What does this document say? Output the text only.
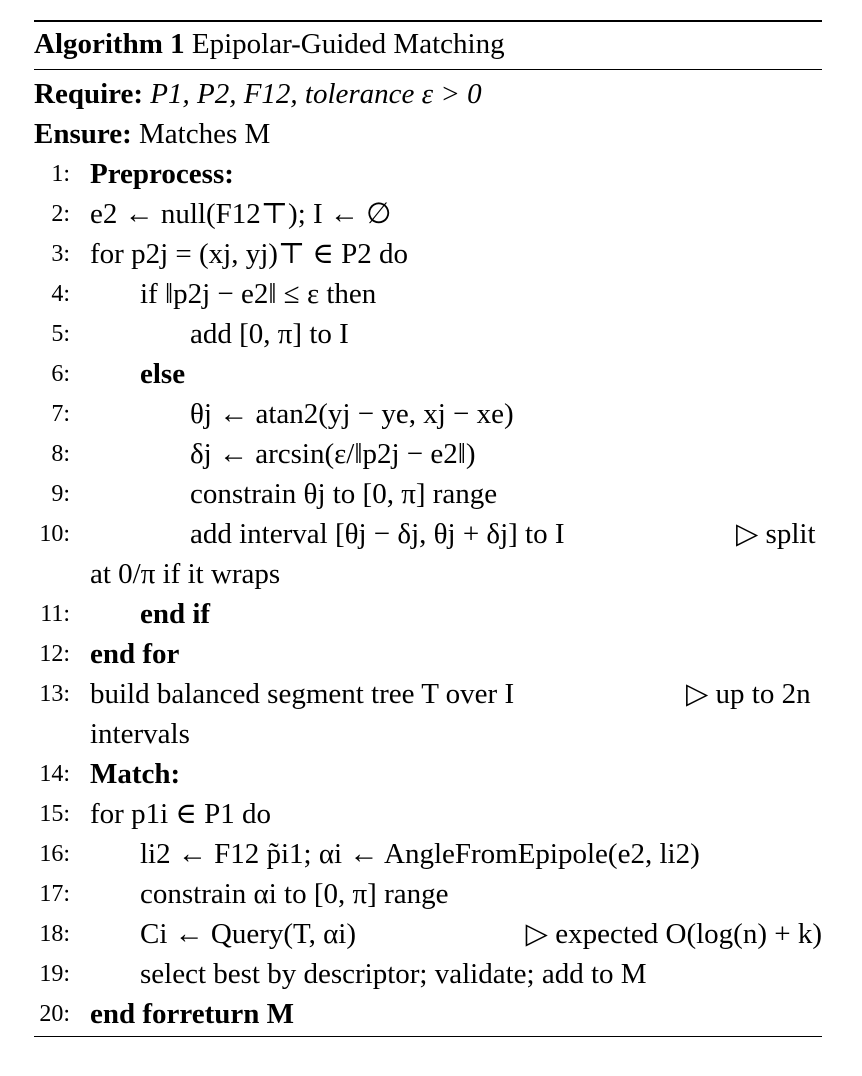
Algorithm 1 Epipolar-Guided Matching
Require: P1, P2, F12, tolerance ε > 0
Ensure: Matches M
1: Preprocess:
2: e2 ← null(F12⊤); I ← ∅
3: for p2j = (xj, yj)⊤ ∈ P2 do
4: if ‖p2j − e2‖ ≤ ε then
5:	add [0, π] to I
6: else
7:	θj ← atan2(yj − ye, xj − xe)
8:	δj ← arcsin(ε/‖p2j − e2‖)
9:	constrain θj to [0, π] range
10:	add interval [θj − δj, θj + δj] to I	▷ split at 0/π if it wraps
11: end if
12: end for
13: build balanced segment tree T over I	▷ up to 2n intervals
14: Match:
15: for p1i ∈ P1 do
16: li2 ← F12 p̃i1; αi ← AngleFromEpipole(e2, li2)
17: constrain αi to [0, π] range
18: Ci ← Query(T, αi)	▷ expected O(log(n) + k)
19: select best by descriptor; validate; add to M
20: end forreturn M
